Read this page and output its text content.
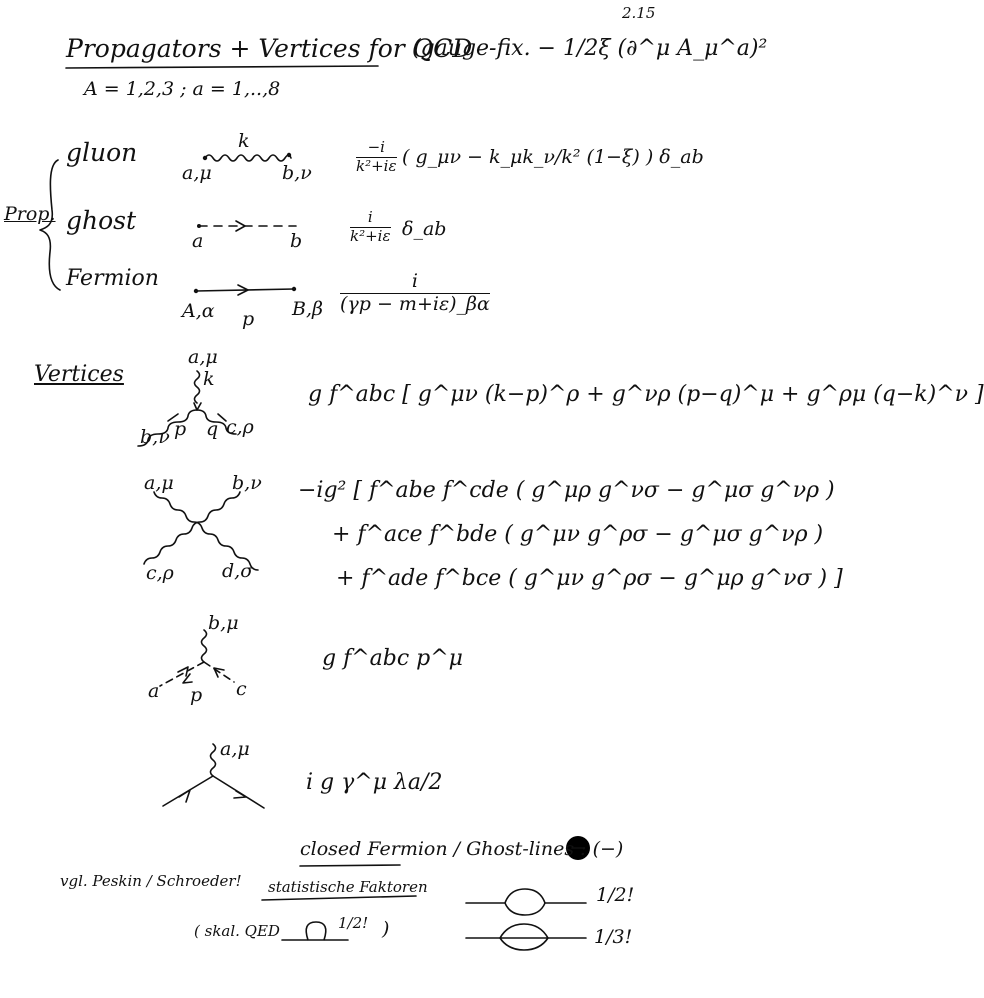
Propagators + Vertices for QCD
(gauge-fix. − 1/2ξ (∂^μ A_μ^a)²
2.15
A = 1,2,3 ; a = 1,..,8
Prop.
gluon	k
a,μ	b,ν
−i
k²+iε ( g_μν − k_μk_ν/k² (1−ξ) ) δ_ab
ghost
a	b
i
k²+iε δ_ab
Fermion
A,α	B,β
p
i
(γp − m+iε)_βα
Vertices
a,μ
k
b,ν	c,ρ
p q
g f^abc [ g^μν (k−p)^ρ + g^νρ (p−q)^μ + g^ρμ (q−k)^ν ]
a,μ	b,ν
c,ρ	d,σ
−ig² [ f^abe f^cde ( g^μρ g^νσ − g^μσ g^νρ )
+ f^ace f^bde ( g^μν g^ρσ − g^μσ g^νρ )
+ f^ade f^bce ( g^μν g^ρσ − g^μρ g^νσ ) ]
b,μ
a	c
p
g f^abc p^μ
a,μ
i g γ^μ λa/2
closed Fermion / Ghost-lines : (−)
vgl. Peskin / Schroeder! statistische Faktoren
( skal. QED	1/2! )
1/2!
1/3!
